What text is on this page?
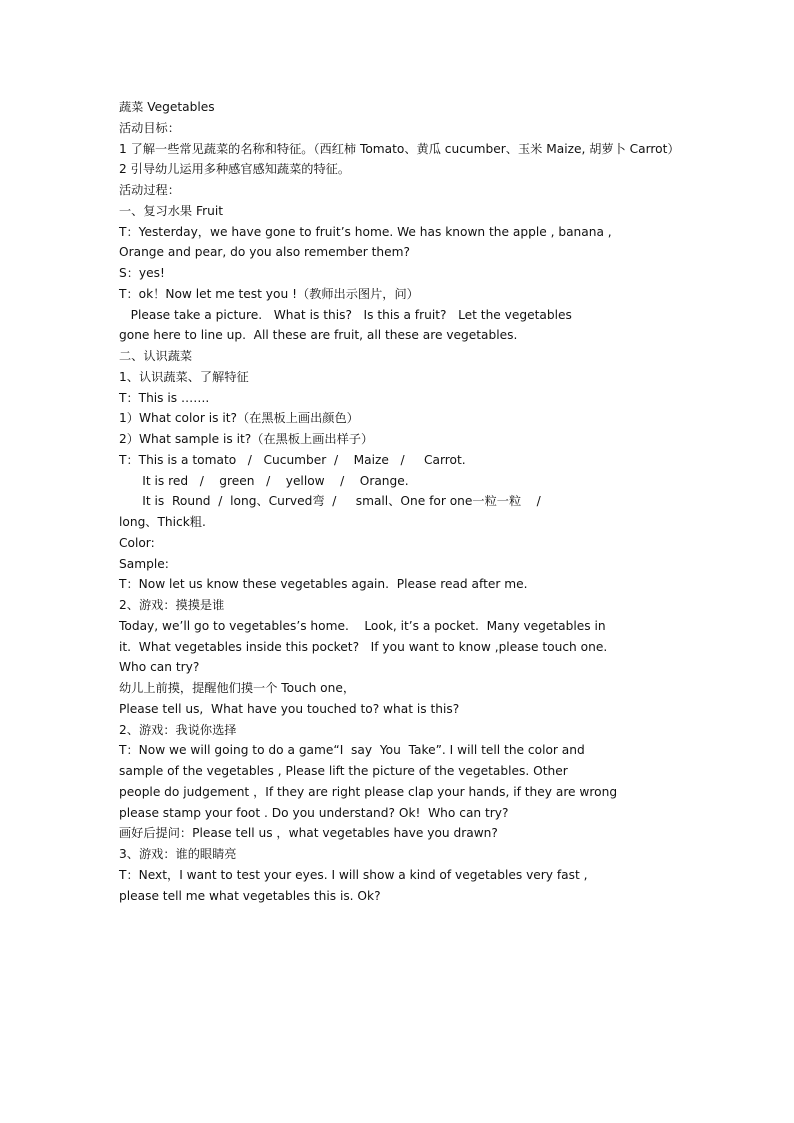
蔬菜 Vegetables
活动目标：
1 了解一些常见蔬菜的名称和特征。（西红柿 Tomato、黄瓜 cucumber、玉米 Maize, 胡萝卜 Carrot）
2 引导幼儿运用多种感官感知蔬菜的特征。
活动过程：
一、复习水果 Fruit
T：Yesterday，we have gone to fruit’s home. We has known the apple , banana ,
Orange and pear, do you also remember them?
S：yes!
T：ok！Now let me test you !（教师出示图片，问）
Please take a picture.   What is this?   Is this a fruit?   Let the vegetables
gone here to line up.  All these are fruit, all these are vegetables.
二、认识蔬菜
1、认识蔬菜、了解特征
T：This is …….
1）What color is it?（在黑板上画出颜色）
2）What sample is it?（在黑板上画出样子）
T：This is a tomato   /   Cucumber  /    Maize   /     Carrot.
It is red   /    green   /    yellow    /    Orange.
It is  Round  /  long、Curved弯  /     small、One for one一粒一粒    /
long、Thick粗.
Color:
Sample:
T：Now let us know these vegetables again.  Please read after me.
2、游戏：摸摸是谁
Today, we’ll go to vegetables’s home.    Look, it’s a pocket.  Many vegetables in
it.  What vegetables inside this pocket?   If you want to know ,please touch one.
Who can try?
幼儿上前摸，提醒他们摸一个 Touch one，
Please tell us,  What have you touched to? what is this?
2、游戏：我说你选择
T：Now we will going to do a game“I  say  You  Take”. I will tell the color and
sample of the vegetables , Please lift the picture of the vegetables. Other
people do judgement ，If they are right please clap your hands, if they are wrong
please stamp your foot . Do you understand? Ok!  Who can try?
画好后提问：Please tell us ，what vegetables have you drawn?
3、游戏：谁的眼睛亮
T：Next，I want to test your eyes. I will show a kind of vegetables very fast ,
please tell me what vegetables this is. Ok?
